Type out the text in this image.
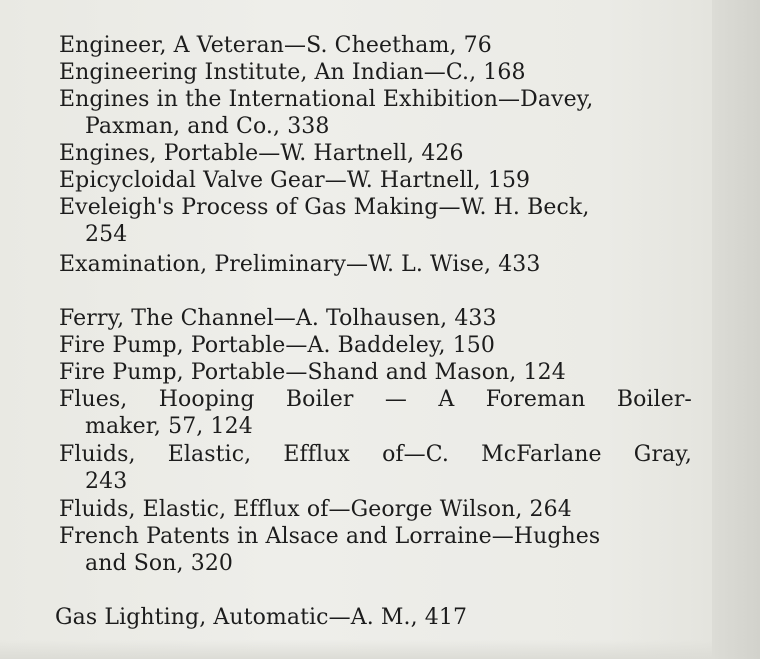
Engineer, A Veteran—S. Cheetham, 76
Engineering Institute, An Indian—C., 168
Engines in the International Exhibition—Davey,
Paxman, and Co., 338
Engines, Portable—W. Hartnell, 426
Epicycloidal Valve Gear—W. Hartnell, 159
Eveleigh's Process of Gas Making—W. H. Beck,
254
Examination, Preliminary—W. L. Wise, 433
Ferry, The Channel—A. Tolhausen, 433
Fire Pump, Portable—A. Baddeley, 150
Fire Pump, Portable—Shand and Mason, 124
Flues, Hooping Boiler — A Foreman Boiler-
maker, 57, 124
Fluids, Elastic, Efflux of—C. McFarlane Gray,
243
Fluids, Elastic, Efflux of—George Wilson, 264
French Patents in Alsace and Lorraine—Hughes
and Son, 320
Gas Lighting, Automatic—A. M., 417
